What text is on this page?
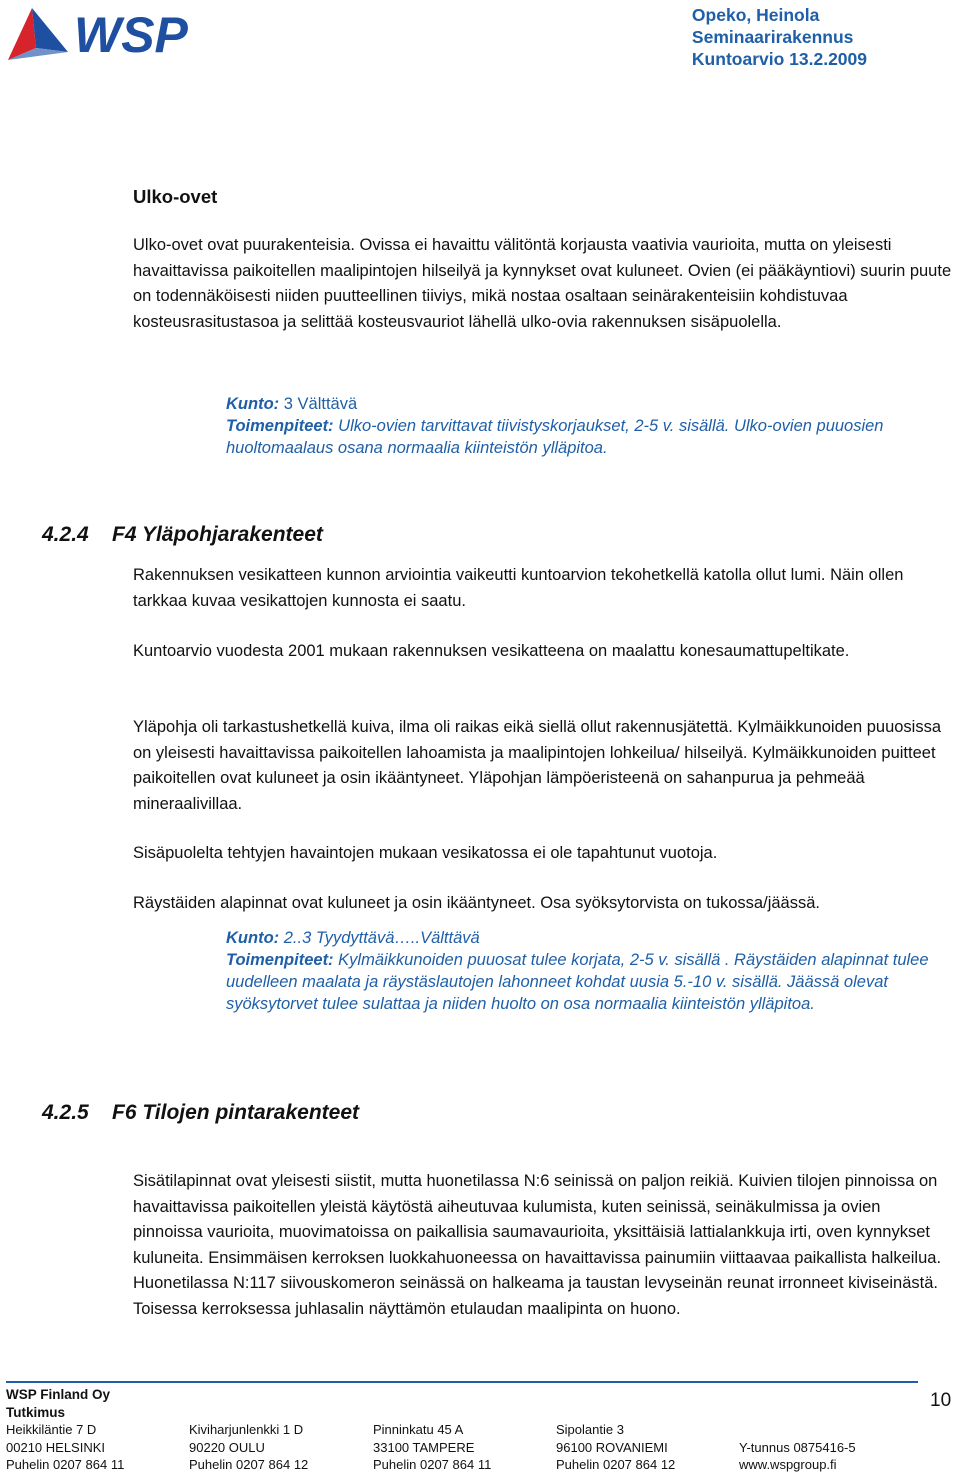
WSP	Opeko, Heinola
Seminaarirakennus
Kuntoarvio 13.2.2009
Ulko-ovet

Ulko-ovet ovat puurakenteisia. Ovissa ei havaittu välitöntä korjausta vaativia vaurioita, mutta on yleisesti havaittavissa paikoitellen maalipintojen hilseilyä ja kynnykset ovat kuluneet. Ovien (ei pääkäyntiovi) suurin puute on todennäköisesti niiden puutteellinen tiiviys, mikä nostaa osaltaan seinärakenteisiin kohdistuvaa kosteusrasitustasoa ja selittää kosteusvauriot lähellä ulko-ovia rakennuksen sisäpuolella.

Kunto: 3 Välttävä
Toimenpiteet: Ulko-ovien tarvittavat tiivistyskorjaukset, 2-5 v. sisällä. Ulko-ovien puuosien huoltomaalaus osana normaalia kiinteistön ylläpitoa.

4.2.4 F4 Yläpohjarakenteet

Rakennuksen vesikatteen kunnon arviointia vaikeutti kuntoarvion tekohetkellä katolla ollut lumi. Näin ollen tarkkaa kuvaa vesikattojen kunnosta ei saatu.

Kuntoarvio vuodesta 2001 mukaan rakennuksen vesikatteena on maalattu konesaumattupeltikate.

Yläpohja oli tarkastushetkellä kuiva, ilma oli raikas eikä siellä ollut rakennusjätettä. Kylmäikkunoiden puuosissa on yleisesti havaittavissa paikoitellen lahoamista ja maalipintojen lohkeilua/ hilseilyä. Kylmäikkunoiden puitteet paikoitellen ovat kuluneet ja osin ikääntyneet. Yläpohjan lämpöeristeenä on sahanpurua ja pehmeää mineraalivillaa.

Sisäpuolelta tehtyjen havaintojen mukaan vesikatossa ei ole tapahtunut vuotoja.

Räystäiden alapinnat ovat kuluneet ja osin ikääntyneet. Osa syöksytorvista on tukossa/jäässä.

Kunto: 2..3 Tyydyttävä…..Välttävä
Toimenpiteet: Kylmäikkunoiden puuosat tulee korjata, 2-5 v. sisällä . Räystäiden alapinnat tulee uudelleen maalata ja räystäslautojen lahonneet kohdat uusia 5.-10 v. sisällä. Jäässä olevat syöksytorvet tulee sulattaa ja niiden huolto on osa normaalia kiinteistön ylläpitoa.

4.2.5 F6 Tilojen pintarakenteet

Sisätilapinnat ovat yleisesti siistit, mutta huonetilassa N:6 seinissä on paljon reikiä. Kuivien tilojen pinnoissa on havaittavissa paikoitellen yleistä käytöstä aiheutuvaa kulumista, kuten seinissä, seinäkulmissa ja ovien pinnoissa vaurioita, muovimatoissa on paikallisia saumavaurioita, yksittäisiä lattialankkuja irti, oven kynnykset kuluneita. Ensimmäisen kerroksen luokkahuoneessa on havaittavissa painumiin viittaavaa paikallista halkeilua. Huonetilassa N:117 siivouskomeron seinässä on halkeama ja taustan levyseinän reunat irronneet kiviseinästä. Toisessa kerroksessa juhlasalin näyttämön etulaudan maalipinta on huono.

10
WSP Finland Oy
Tutkimus
Heikkiläntie 7 D	Kiviharjunlenkki 1 D	Pinninkatu 45 A	Sipolantie 3
00210 HELSINKI	90220 OULU	33100 TAMPERE	96100 ROVANIEMI	Y-tunnus 0875416-5
Puhelin 0207 864 11	Puhelin 0207 864 12	Puhelin 0207 864 11	Puhelin 0207 864 12	www.wspgroup.fi
